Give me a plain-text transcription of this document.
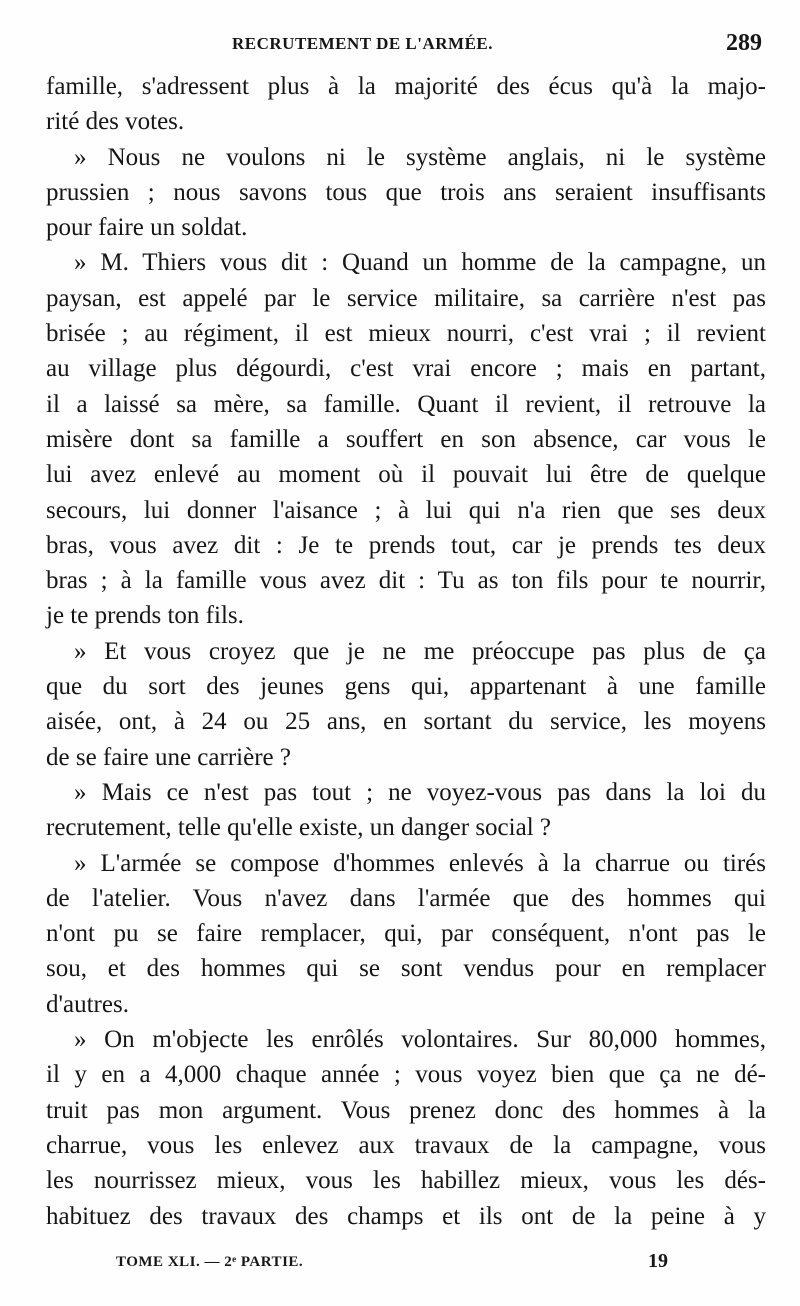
RECRUTEMENT DE L'ARMÉE.	289
famille, s'adressent plus à la majorité des écus qu'à la majo-
rité des votes.
» Nous ne voulons ni le système anglais, ni le système
prussien ; nous savons tous que trois ans seraient insuffisants
pour faire un soldat.
» M. Thiers vous dit : Quand un homme de la campagne, un
paysan, est appelé par le service militaire, sa carrière n'est pas
brisée ; au régiment, il est mieux nourri, c'est vrai ; il revient
au village plus dégourdi, c'est vrai encore ; mais en partant,
il a laissé sa mère, sa famille. Quant il revient, il retrouve la
misère dont sa famille a souffert en son absence, car vous le
lui avez enlevé au moment où il pouvait lui être de quelque
secours, lui donner l'aisance ; à lui qui n'a rien que ses deux
bras, vous avez dit : Je te prends tout, car je prends tes deux
bras ; à la famille vous avez dit : Tu as ton fils pour te nourrir,
je te prends ton fils.
» Et vous croyez que je ne me préoccupe pas plus de ça
que du sort des jeunes gens qui, appartenant à une famille
aisée, ont, à 24 ou 25 ans, en sortant du service, les moyens
de se faire une carrière ?
» Mais ce n'est pas tout ; ne voyez-vous pas dans la loi du
recrutement, telle qu'elle existe, un danger social ?
» L'armée se compose d'hommes enlevés à la charrue ou tirés
de l'atelier. Vous n'avez dans l'armée que des hommes qui
n'ont pu se faire remplacer, qui, par conséquent, n'ont pas le
sou, et des hommes qui se sont vendus pour en remplacer
d'autres.
» On m'objecte les enrôlés volontaires. Sur 80,000 hommes,
il y en a 4,000 chaque année ; vous voyez bien que ça ne dé-
truit pas mon argument. Vous prenez donc des hommes à la
charrue, vous les enlevez aux travaux de la campagne, vous
les nourrissez mieux, vous les habillez mieux, vous les dés-
habituez des travaux des champs et ils ont de la peine à y
TOME XLI. — 2ᵉ PARTIE.	19
